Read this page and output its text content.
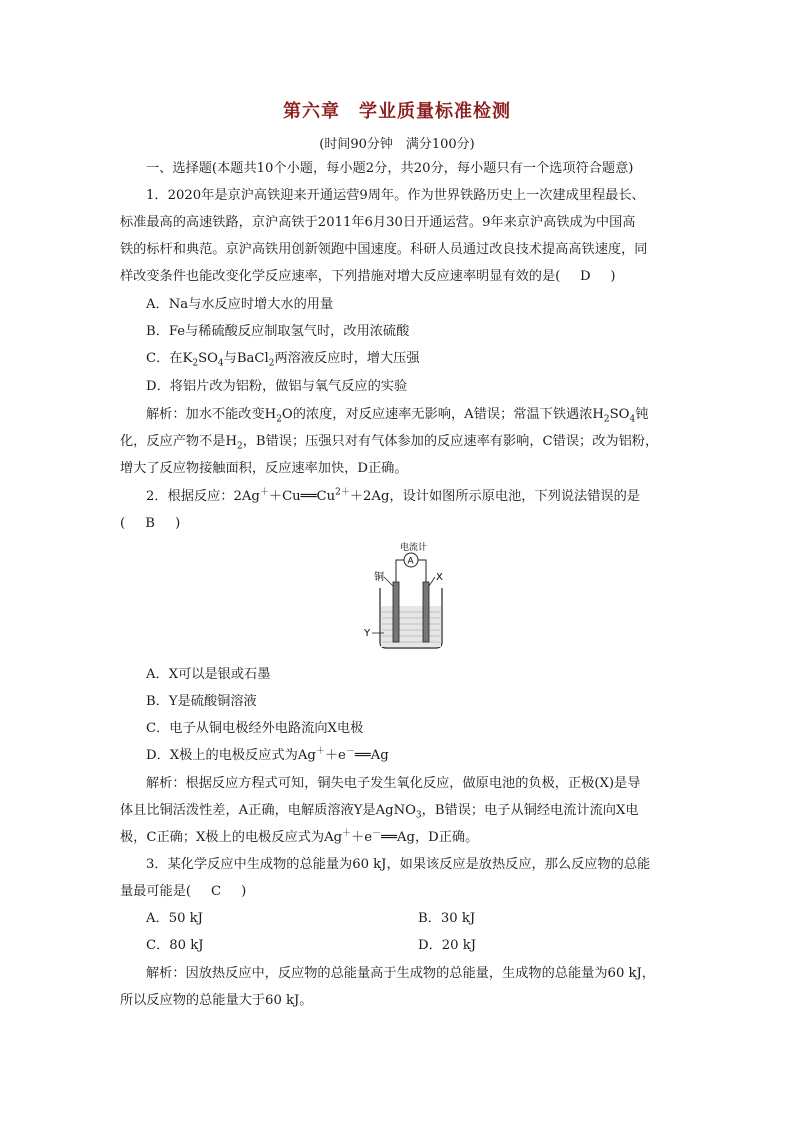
第六章　学业质量标准检测
(时间90分钟　满分100分)
一、选择题(本题共10个小题，每小题2分，共20分，每小题只有一个选项符合题意)
1．2020年是京沪高铁迎来开通运营9周年。作为世界铁路历史上一次建成里程最长、
标准最高的高速铁路，京沪高铁于2011年6月30日开通运营。9年来京沪高铁成为中国高
铁的标杆和典范。京沪高铁用创新领跑中国速度。科研人员通过改良技术提高高铁速度，同
样改变条件也能改变化学反应速率，下列措施对增大反应速率明显有效的是( D )
A．Na与水反应时增大水的用量
B．Fe与稀硫酸反应制取氢气时，改用浓硫酸
C．在$K_2SO_4$与BaCl$_2$两溶液反应时，增大压强
D．将铝片改为铝粉，做铝与氧气反应的实验
解析：加水不能改变$H_2O$的浓度，对反应速率无影响，A错误；常温下铁遇浓$H_2SO_4$钝
化，反应产物不是$H_2$，B错误；压强只对有气体参加的反应速率有影响，C错误；改为铝粉，
增大了反应物接触面积，反应速率加快，D正确。
2．根据反应：$2Ag^++Cu══Cu^{2+}+2Ag$，设计如图所示原电池，下列说法错误的是
( B )
电流计
A
铜	X
Y
A．X可以是银或石墨
B．Y是硫酸铜溶液
C．电子从铜电极经外电路流向X电极
D．X极上的电极反应式为Ag＋＋e－══Ag
解析：根据反应方程式可知，铜失电子发生氧化反应，做原电池的负极，正极(X)是导
体且比铜活泼性差，A正确，电解质溶液Y是AgNO$_3$，B错误；电子从铜经电流计流向X电
极，C正确；X极上的电极反应式为Ag＋＋e－══Ag，D正确。
3．某化学反应中生成物的总能量为60 kJ，如果该反应是放热反应，那么反应物的总能
量最可能是( C )
A．50 kJ	B．30 kJ
C．80 kJ	D．20 kJ
解析：因放热反应中，反应物的总能量高于生成物的总能量，生成物的总能量为60 kJ，
所以反应物的总能量大于60 kJ。
